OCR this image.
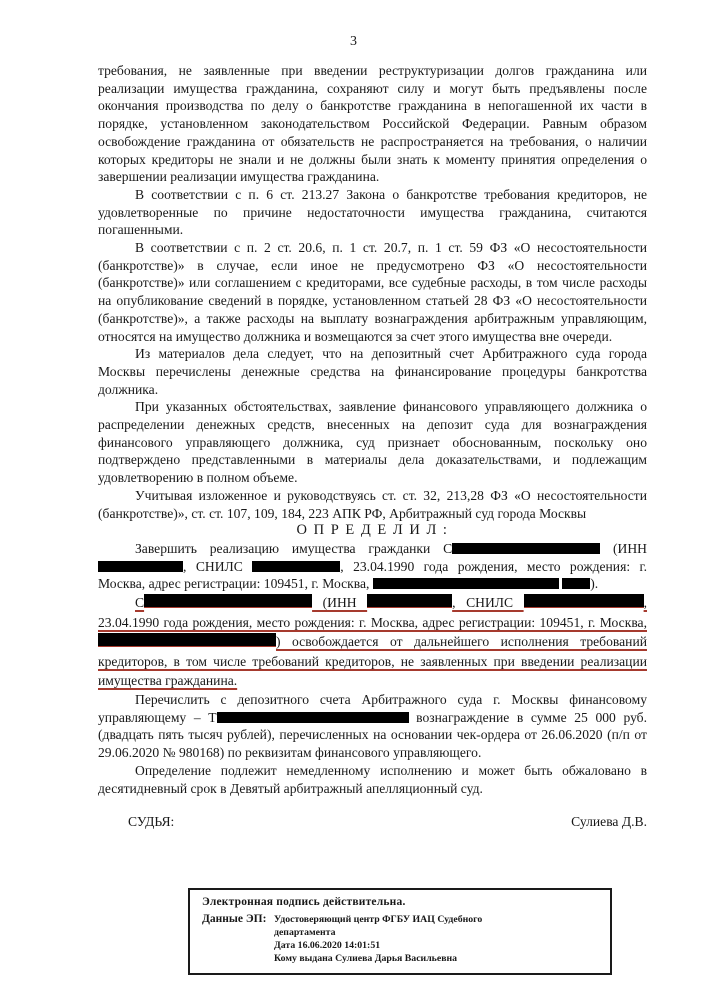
3

требования, не заявленные при введении реструктуризации долгов гражданина или реализации имущества гражданина, сохраняют силу и могут быть предъявлены после окончания производства по делу о банкротстве гражданина в непогашенной их части в порядке, установленном законодательством Российской Федерации. Равным образом освобождение гражданина от обязательств не распространяется на требования, о наличии которых кредиторы не знали и не должны были знать к моменту принятия определения о завершении реализации имущества гражданина.

В соответствии с п. 6 ст. 213.27 Закона о банкротстве требования кредиторов, не удовлетворенные по причине недостаточности имущества гражданина, считаются погашенными.

В соответствии с п. 2 ст. 20.6, п. 1 ст. 20.7, п. 1 ст. 59 ФЗ «О несостоятельности (банкротстве)» в случае, если иное не предусмотрено ФЗ «О несостоятельности (банкротстве)» или соглашением с кредиторами, все судебные расходы, в том числе расходы на опубликование сведений в порядке, установленном статьей 28 ФЗ «О несостоятельности (банкротстве)», а также расходы на выплату вознаграждения арбитражным управляющим, относятся на имущество должника и возмещаются за счет этого имущества вне очереди.

Из материалов дела следует, что на депозитный счет Арбитражного суда города Москвы перечислены денежные средства на финансирование процедуры банкротства должника.

При указанных обстоятельствах, заявление финансового управляющего должника о распределении денежных средств, внесенных на депозит суда для вознаграждения финансового управляющего должника, суд признает обоснованным, поскольку оно подтверждено представленными в материалы дела доказательствами, и подлежащим удовлетворению в полном объеме.

Учитывая изложенное и руководствуясь ст. ст. 32, 213,28 ФЗ «О несостоятельности (банкротстве)», ст. ст. 107, 109, 184, 223 АПК РФ, Арбитражный суд города Москвы

О П Р Е Д Е Л И Л :

Завершить реализацию имущества гражданки С	(ИНН , СНИЛС	, 23.04.1990 года рождения, место рождения: г. Москва, адрес регистрации: 109451, г. Москва,	).

С	(ИНН	, СНИЛС	, 23.04.1990 года рождения, место рождения: г. Москва, адрес регистрации: 109451, г. Москва, ) освобождается от дальнейшего исполнения требований кредиторов, в том числе требований кредиторов, не заявленных при введении реализации имущества гражданина.

Перечислить с депозитного счета Арбитражного суда г. Москвы финансовому управляющему – Т	вознаграждение в сумме 25 000 руб. (двадцать пять тысяч рублей), перечисленных на основании чек-ордера от 26.06.2020 (п/п от 29.06.2020 № 980168) по реквизитам финансового управляющего.

Определение подлежит немедленному исполнению и может быть обжаловано в десятидневный срок в Девятый арбитражный апелляционный суд.

СУДЬЯ:	Сулиева Д.В.
Электронная подпись действительна.
Данные ЭП: Удостоверяющий центр ФГБУ ИАЦ Судебного департамента
Дата 16.06.2020 14:01:51
Кому выдана Сулиева Дарья Васильевна
